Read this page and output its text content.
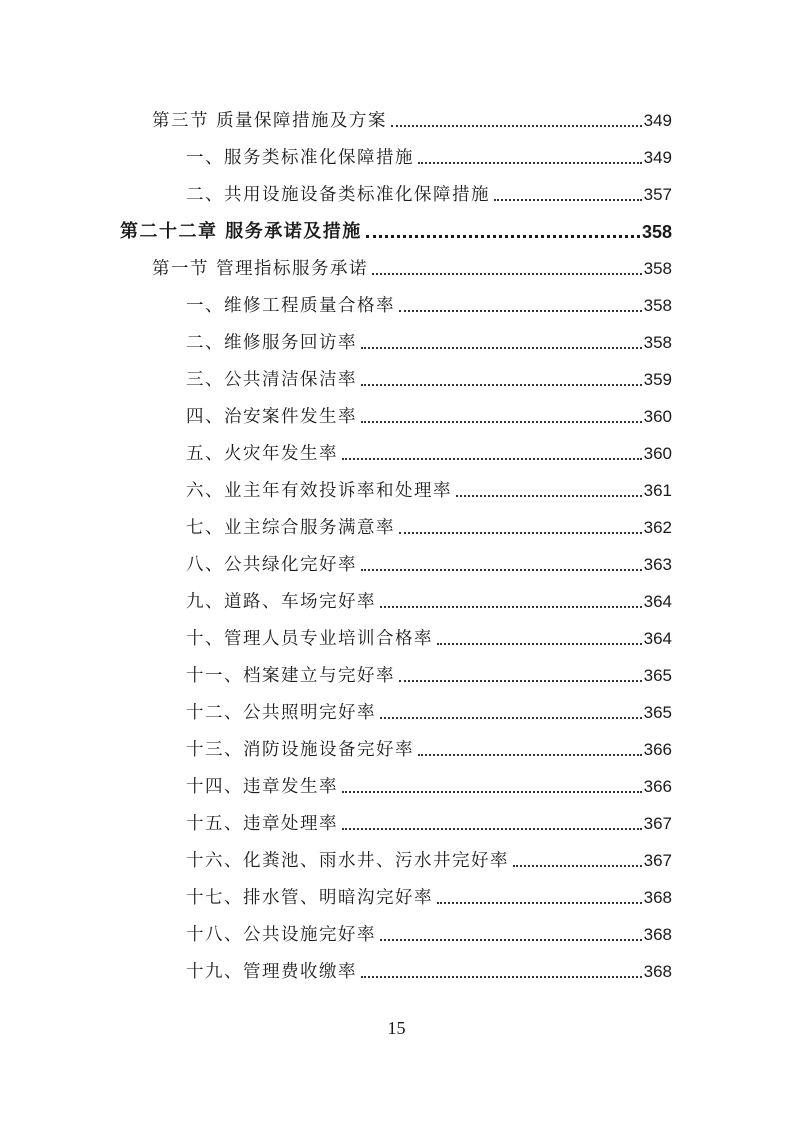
第三节 质量保障措施及方案	349
一、服务类标准化保障措施	349
二、共用设施设备类标准化保障措施	357
第二十二章 服务承诺及措施	358
第一节 管理指标服务承诺	358
一、维修工程质量合格率	358
二、维修服务回访率	358
三、公共清洁保洁率	359
四、治安案件发生率	360
五、火灾年发生率	360
六、业主年有效投诉率和处理率	361
七、业主综合服务满意率	362
八、公共绿化完好率	363
九、道路、车场完好率	364
十、管理人员专业培训合格率	364
十一、档案建立与完好率	365
十二、公共照明完好率	365
十三、消防设施设备完好率	366
十四、违章发生率	366
十五、违章处理率	367
十六、化粪池、雨水井、污水井完好率	367
十七、排水管、明暗沟完好率	368
十八、公共设施完好率	368
十九、管理费收缴率	368
15
